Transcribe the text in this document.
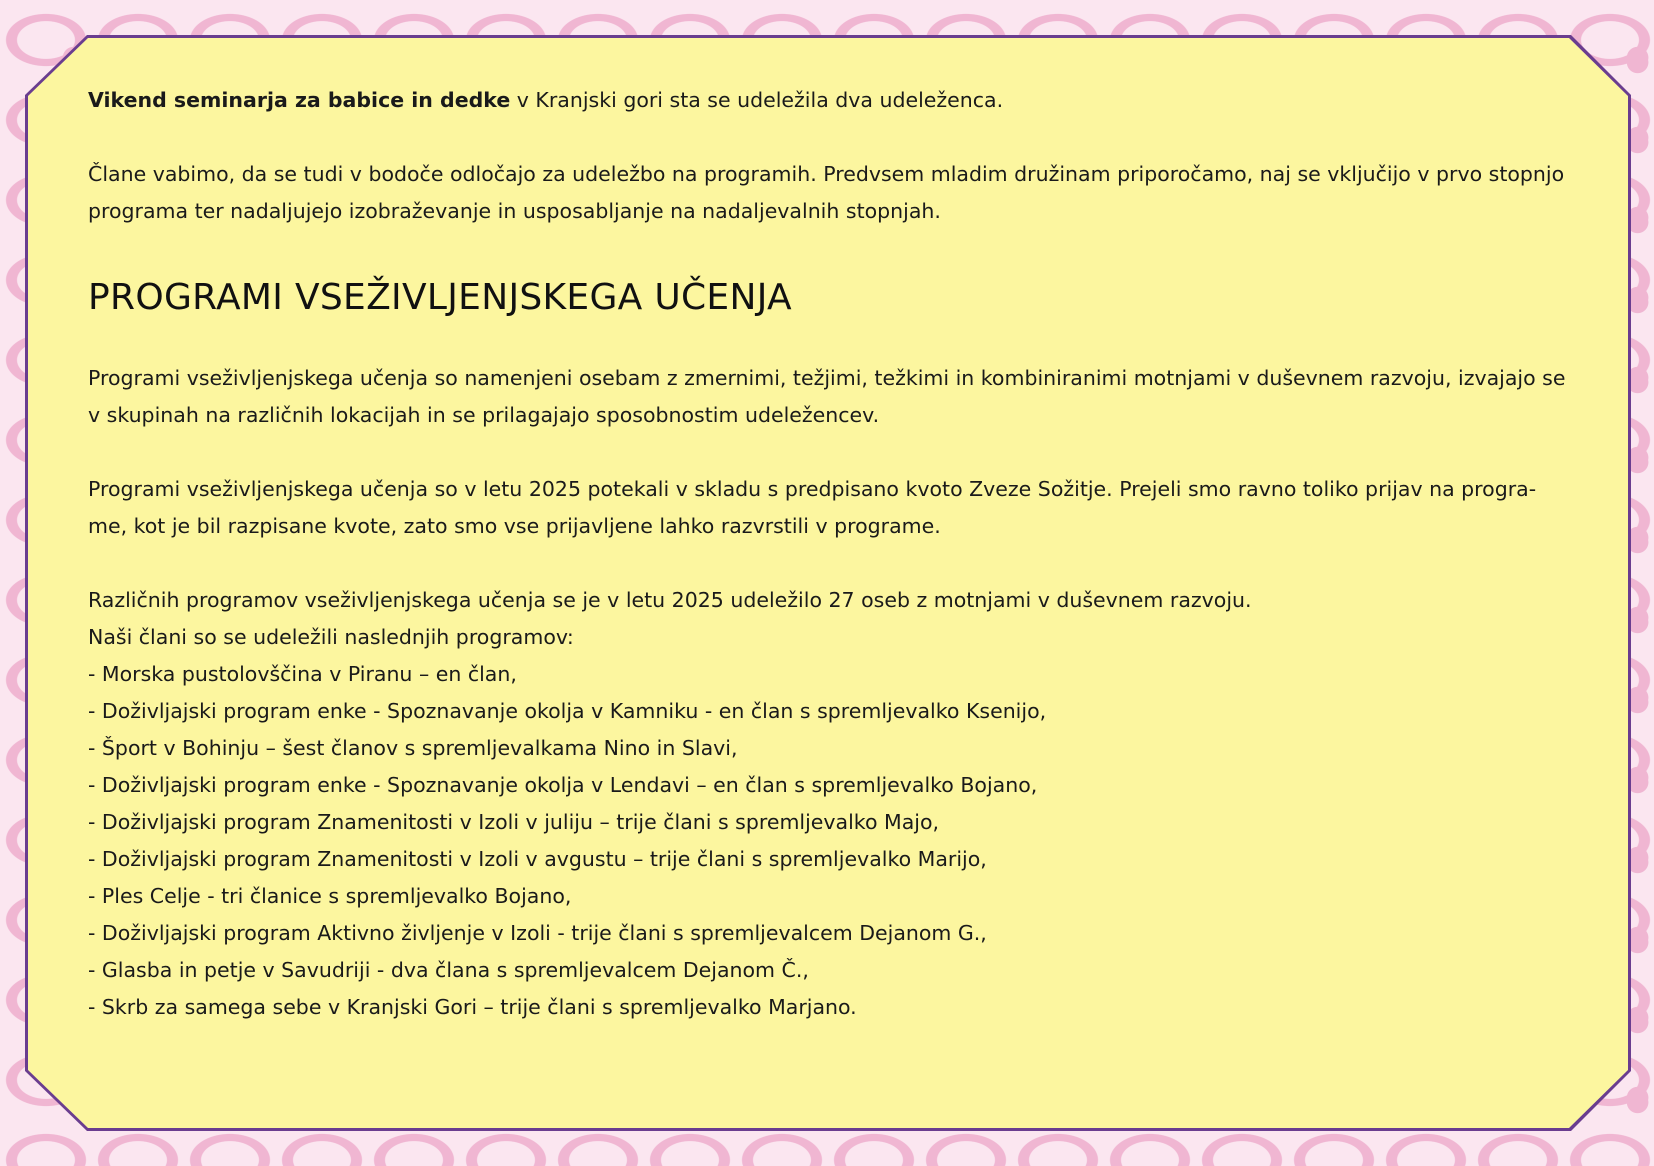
Vikend seminarja za babice in dedke v Kranjski gori sta se udeležila dva udeleženca.

Člane vabimo, da se tudi v bodoče odločajo za udeležbo na programih. Predvsem mladim družinam priporočamo, naj se vključijo v prvo stopnjo programa ter nadaljujejo izobraževanje in usposabljanje na nadaljevalnih stopnjah.

PROGRAMI VSEŽIVLJENJSKEGA UČENJA

Programi vseživljenjskega učenja so namenjeni osebam z zmernimi, težjimi, težkimi in kombiniranimi motnjami v duševnem razvoju, izvajajo se v skupinah na različnih lokacijah in se prilagajajo sposobnostim udeležencev.

Programi vseživljenjskega učenja so v letu 2025 potekali v skladu s predpisano kvoto Zveze Sožitje. Prejeli smo ravno toliko prijav na progra-me, kot je bil razpisane kvote, zato smo vse prijavljene lahko razvrstili v programe.

Različnih programov vseživljenjskega učenja se je v letu 2025 udeležilo 27 oseb z motnjami v duševnem razvoju.

Naši člani so se udeležili naslednjih programov:

- Morska pustolovščina v Piranu – en član,
- Doživljajski program enke - Spoznavanje okolja v Kamniku - en član s spremljevalko Ksenijo,
- Šport v Bohinju – šest članov s spremljevalkama Nino in Slavi,
- Doživljajski program enke - Spoznavanje okolja v Lendavi – en član s spremljevalko Bojano,
- Doživljajski program Znamenitosti v Izoli v juliju – trije člani s spremljevalko Majo,
- Doživljajski program Znamenitosti v Izoli v avgustu – trije člani s spremljevalko Marijo,
- Ples Celje - tri članice s spremljevalko Bojano,
- Doživljajski program Aktivno življenje v Izoli - trije člani s spremljevalcem Dejanom G.,
- Glasba in petje v Savudriji - dva člana s spremljevalcem Dejanom Č.,
- Skrb za samega sebe v Kranjski Gori – trije člani s spremljevalko Marjano.
